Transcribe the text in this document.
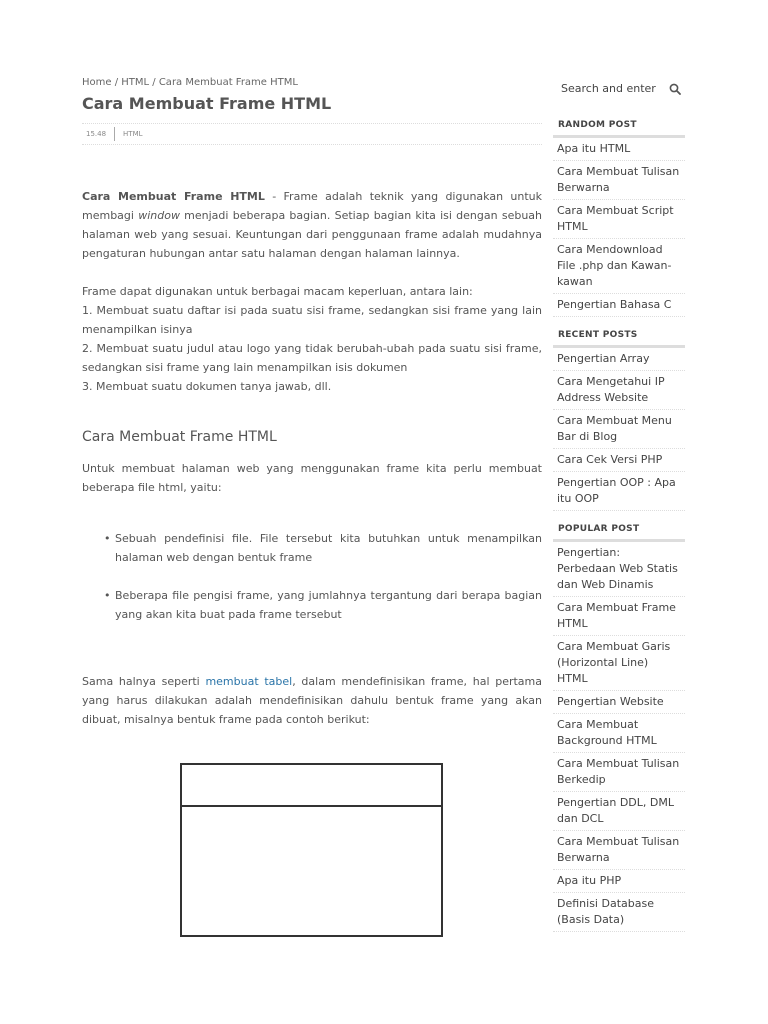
Home / HTML / Cara Membuat Frame HTML
Cara Membuat Frame HTML
15.48	HTML

Cara Membuat Frame HTML - Frame adalah teknik yang digunakan untuk membagi window menjadi beberapa bagian. Setiap bagian kita isi dengan sebuah halaman web yang sesuai. Keuntungan dari penggunaan frame adalah mudahnya pengaturan hubungan antar satu halaman dengan halaman lainnya.

Frame dapat digunakan untuk berbagai macam keperluan, antara lain:
1. Membuat suatu daftar isi pada suatu sisi frame, sedangkan sisi frame yang lain menampilkan isinya
2. Membuat suatu judul atau logo yang tidak berubah-ubah pada suatu sisi frame, sedangkan sisi frame yang lain menampilkan isis dokumen
3. Membuat suatu dokumen tanya jawab, dll.

Cara Membuat Frame HTML

Untuk membuat halaman web yang menggunakan frame kita perlu membuat beberapa file html, yaitu:

• Sebuah pendefinisi file. File tersebut kita butuhkan untuk menampilkan halaman web dengan bentuk frame
• Beberapa file pengisi frame, yang jumlahnya tergantung dari berapa bagian yang akan kita buat pada frame tersebut

Sama halnya seperti membuat tabel, dalam mendefinisikan frame, hal pertama yang harus dilakukan adalah mendefinisikan dahulu bentuk frame yang akan dibuat, misalnya bentuk frame pada contoh berikut:

Search and enter
RANDOM POST
Apa itu HTML
Cara Membuat Tulisan Berwarna
Cara Membuat Script HTML
Cara Mendownload File .php dan Kawan-kawan
Pengertian Bahasa C
RECENT POSTS
Pengertian Array
Cara Mengetahui IP Address Website
Cara Membuat Menu Bar di Blog
Cara Cek Versi PHP
Pengertian OOP : Apa itu OOP
POPULAR POST
Pengertian: Perbedaan Web Statis dan Web Dinamis
Cara Membuat Frame HTML
Cara Membuat Garis (Horizontal Line) HTML
Pengertian Website
Cara Membuat Background HTML
Cara Membuat Tulisan Berkedip
Pengertian DDL, DML dan DCL
Cara Membuat Tulisan Berwarna
Apa itu PHP
Definisi Database (Basis Data)
